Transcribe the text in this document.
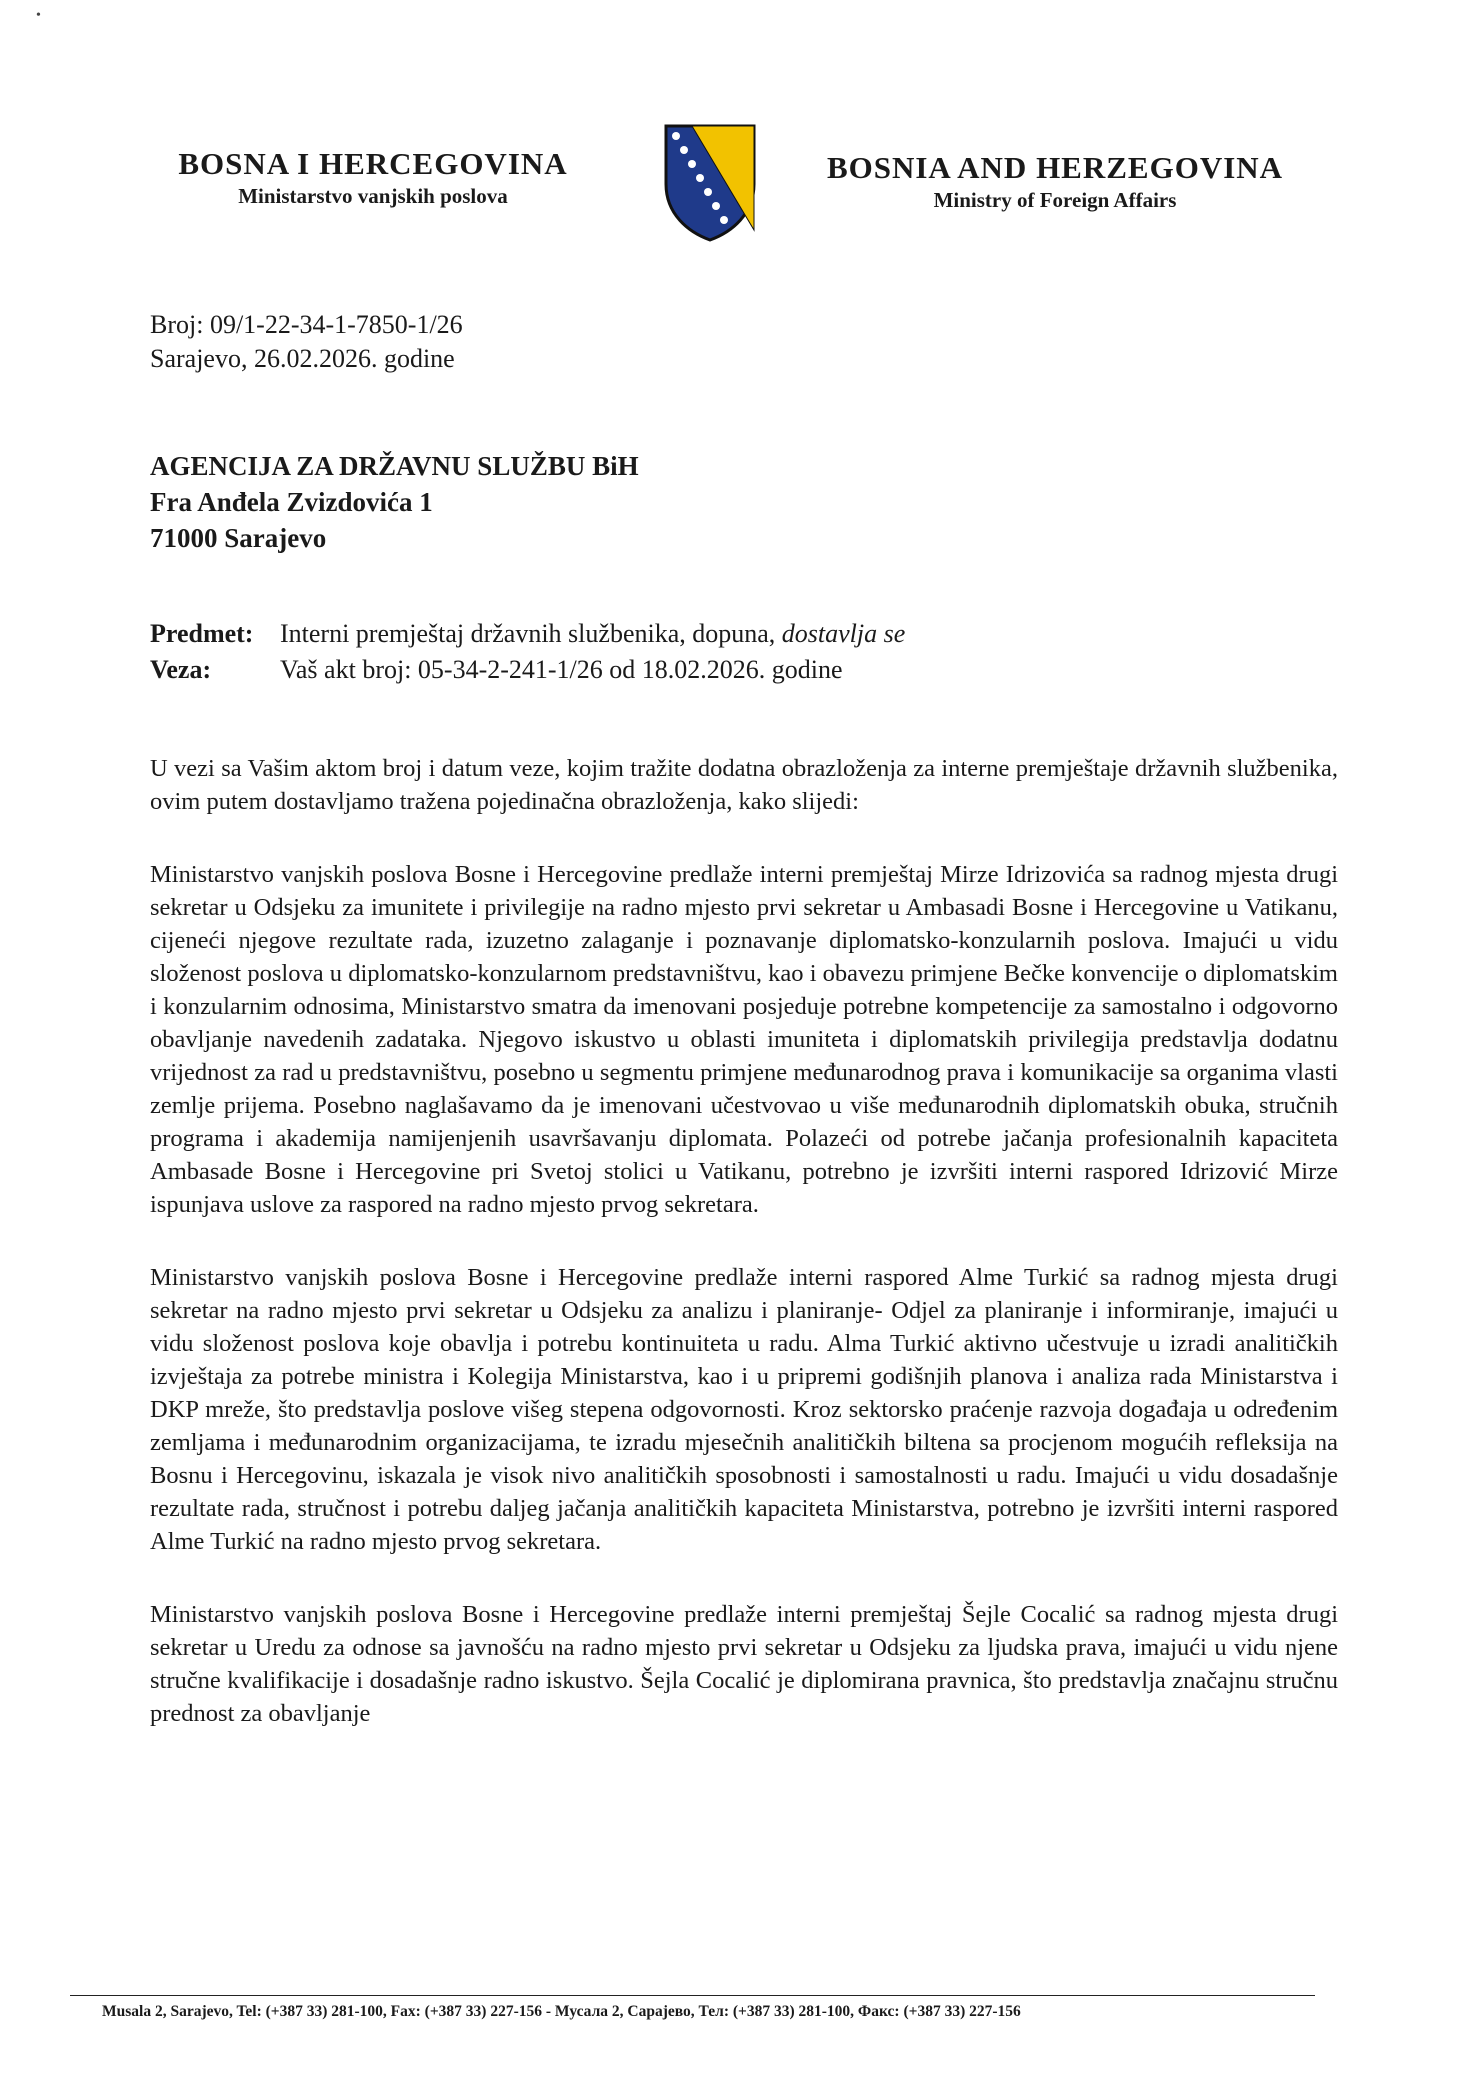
•
BOSNA I HERCEGOVINA
Ministarstvo vanjskih poslova
BOSNIA AND HERZEGOVINA
Ministry of Foreign Affairs
Broj: 09/1-22-34-1-7850-1/26
Sarajevo, 26.02.2026. godine
AGENCIJA ZA DRŽAVNU SLUŽBU BiH
Fra Anđela Zvizdovića 1
71000 Sarajevo
Predmet:	Interni premještaj državnih službenika, dopuna, dostavlja se
Veza:	Vaš akt broj: 05-34-2-241-1/26 od 18.02.2026. godine

U vezi sa Vašim aktom broj i datum veze, kojim tražite dodatna obrazloženja za interne premještaje državnih službenika, ovim putem dostavljamo tražena pojedinačna obrazloženja, kako slijedi:

Ministarstvo vanjskih poslova Bosne i Hercegovine predlaže interni premještaj Mirze Idrizovića sa radnog mjesta drugi sekretar u Odsjeku za imunitete i privilegije na radno mjesto prvi sekretar u Ambasadi Bosne i Hercegovine u Vatikanu, cijeneći njegove rezultate rada, izuzetno zalaganje i poznavanje diplomatsko-konzularnih poslova. Imajući u vidu složenost poslova u diplomatsko-konzularnom predstavništvu, kao i obavezu primjene Bečke konvencije o diplomatskim i konzularnim odnosima, Ministarstvo smatra da imenovani posjeduje potrebne kompetencije za samostalno i odgovorno obavljanje navedenih zadataka. Njegovo iskustvo u oblasti imuniteta i diplomatskih privilegija predstavlja dodatnu vrijednost za rad u predstavništvu, posebno u segmentu primjene međunarodnog prava i komunikacije sa organima vlasti zemlje prijema. Posebno naglašavamo da je imenovani učestvovao u više međunarodnih diplomatskih obuka, stručnih programa i akademija namijenjenih usavršavanju diplomata. Polazeći od potrebe jačanja profesionalnih kapaciteta Ambasade Bosne i Hercegovine pri Svetoj stolici u Vatikanu, potrebno je izvršiti interni raspored Idrizović Mirze ispunjava uslove za raspored na radno mjesto prvog sekretara.

Ministarstvo vanjskih poslova Bosne i Hercegovine predlaže interni raspored Alme Turkić sa radnog mjesta drugi sekretar na radno mjesto prvi sekretar u Odsjeku za analizu i planiranje- Odjel za planiranje i informiranje, imajući u vidu složenost poslova koje obavlja i potrebu kontinuiteta u radu. Alma Turkić aktivno učestvuje u izradi analitičkih izvještaja za potrebe ministra i Kolegija Ministarstva, kao i u pripremi godišnjih planova i analiza rada Ministarstva i DKP mreže, što predstavlja poslove višeg stepena odgovornosti. Kroz sektorsko praćenje razvoja događaja u određenim zemljama i međunarodnim organizacijama, te izradu mjesečnih analitičkih biltena sa procjenom mogućih refleksija na Bosnu i Hercegovinu, iskazala je visok nivo analitičkih sposobnosti i samostalnosti u radu. Imajući u vidu dosadašnje rezultate rada, stručnost i potrebu daljeg jačanja analitičkih kapaciteta Ministarstva, potrebno je izvršiti interni raspored Alme Turkić na radno mjesto prvog sekretara.

Ministarstvo vanjskih poslova Bosne i Hercegovine predlaže interni premještaj Šejle Cocalić sa radnog mjesta drugi sekretar u Uredu za odnose sa javnošću na radno mjesto prvi sekretar u Odsjeku za ljudska prava, imajući u vidu njene stručne kvalifikacije i dosadašnje radno iskustvo. Šejla Cocalić je diplomirana pravnica, što predstavlja značajnu stručnu prednost za obavljanje

Musala 2, Sarajevo, Tel: (+387 33) 281-100, Fax: (+387 33) 227-156 - Мусала 2, Сарајево, Тел: (+387 33) 281-100, Факс: (+387 33) 227-156
